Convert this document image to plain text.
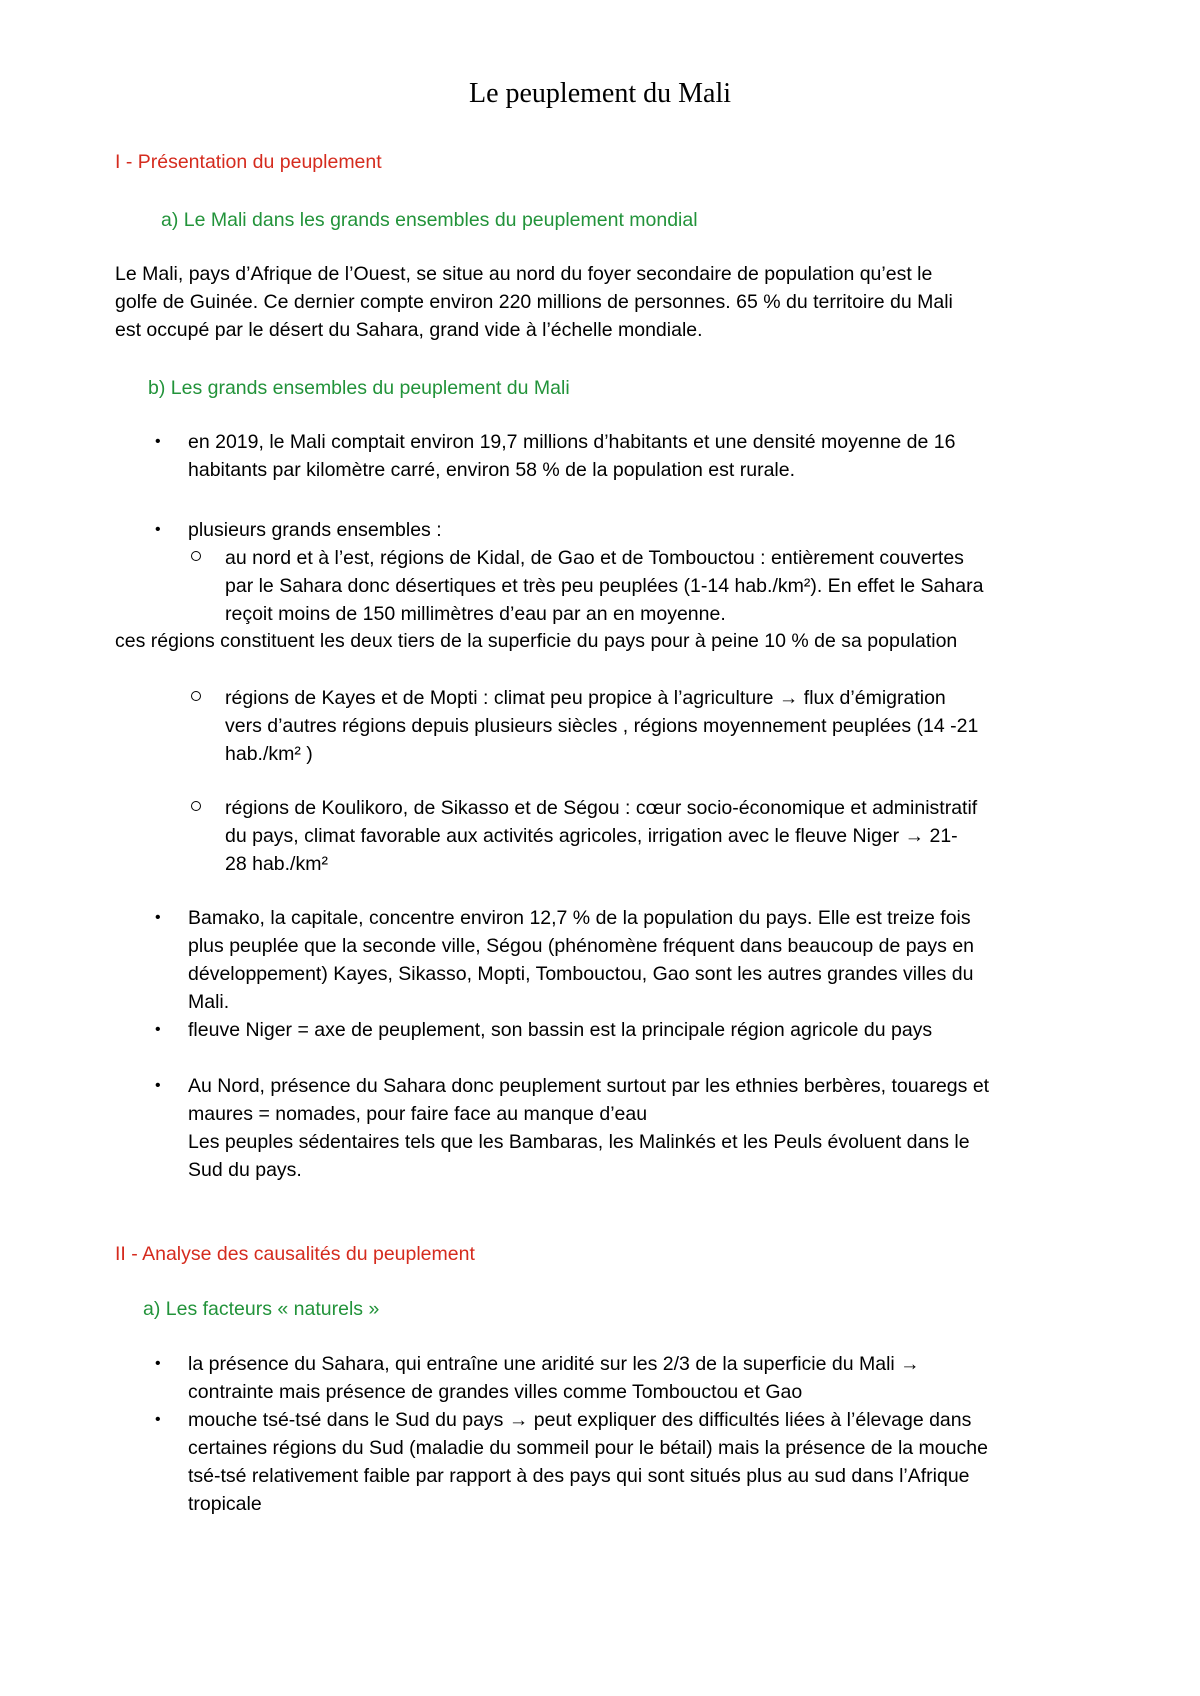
Le peuplement du Mali
I - Présentation du peuplement
a) Le Mali dans les grands ensembles du peuplement mondial
Le Mali, pays d’Afrique de l’Ouest, se situe au nord du foyer secondaire de population qu’est le
golfe de Guinée. Ce dernier compte environ 220 millions de personnes. 65 % du territoire du Mali
est occupé par le désert du Sahara, grand vide à l’échelle mondiale.
b) Les grands ensembles du peuplement du Mali
• en 2019, le Mali comptait environ 19,7 millions d’habitants et une densité moyenne de 16
habitants par kilomètre carré, environ 58 % de la population est rurale.
• plusieurs grands ensembles :
au nord et à l’est, régions de Kidal, de Gao et de Tombouctou : entièrement couvertes
par le Sahara donc désertiques et très peu peuplées (1-14 hab./km²). En effet le Sahara
reçoit moins de 150 millimètres d’eau par an en moyenne.
ces régions constituent les deux tiers de la superficie du pays pour à peine 10 % de sa population
régions de Kayes et de Mopti : climat peu propice à l’agriculture → flux d’émigration
vers d’autres régions depuis plusieurs siècles , régions moyennement peuplées (14 -21
hab./km² )
régions de Koulikoro, de Sikasso et de Ségou : cœur socio-économique et administratif
du pays, climat favorable aux activités agricoles, irrigation avec le fleuve Niger → 21-
28 hab./km²
• Bamako, la capitale, concentre environ 12,7 % de la population du pays. Elle est treize fois
plus peuplée que la seconde ville, Ségou (phénomène fréquent dans beaucoup de pays en
développement) Kayes, Sikasso, Mopti, Tombouctou, Gao sont les autres grandes villes du
Mali.
• fleuve Niger = axe de peuplement, son bassin est la principale région agricole du pays
• Au Nord, présence du Sahara donc peuplement surtout par les ethnies berbères, touaregs et
maures = nomades, pour faire face au manque d’eau
Les peuples sédentaires tels que les Bambaras, les Malinkés et les Peuls évoluent dans le
Sud du pays.
II - Analyse des causalités du peuplement
a) Les facteurs « naturels »
• la présence du Sahara, qui entraîne une aridité sur les 2/3 de la superficie du Mali →
contrainte mais présence de grandes villes comme Tombouctou et Gao
• mouche tsé-tsé dans le Sud du pays → peut expliquer des difficultés liées à l’élevage dans
certaines régions du Sud (maladie du sommeil pour le bétail) mais la présence de la mouche
tsé-tsé relativement faible par rapport à des pays qui sont situés plus au sud dans l’Afrique
tropicale
